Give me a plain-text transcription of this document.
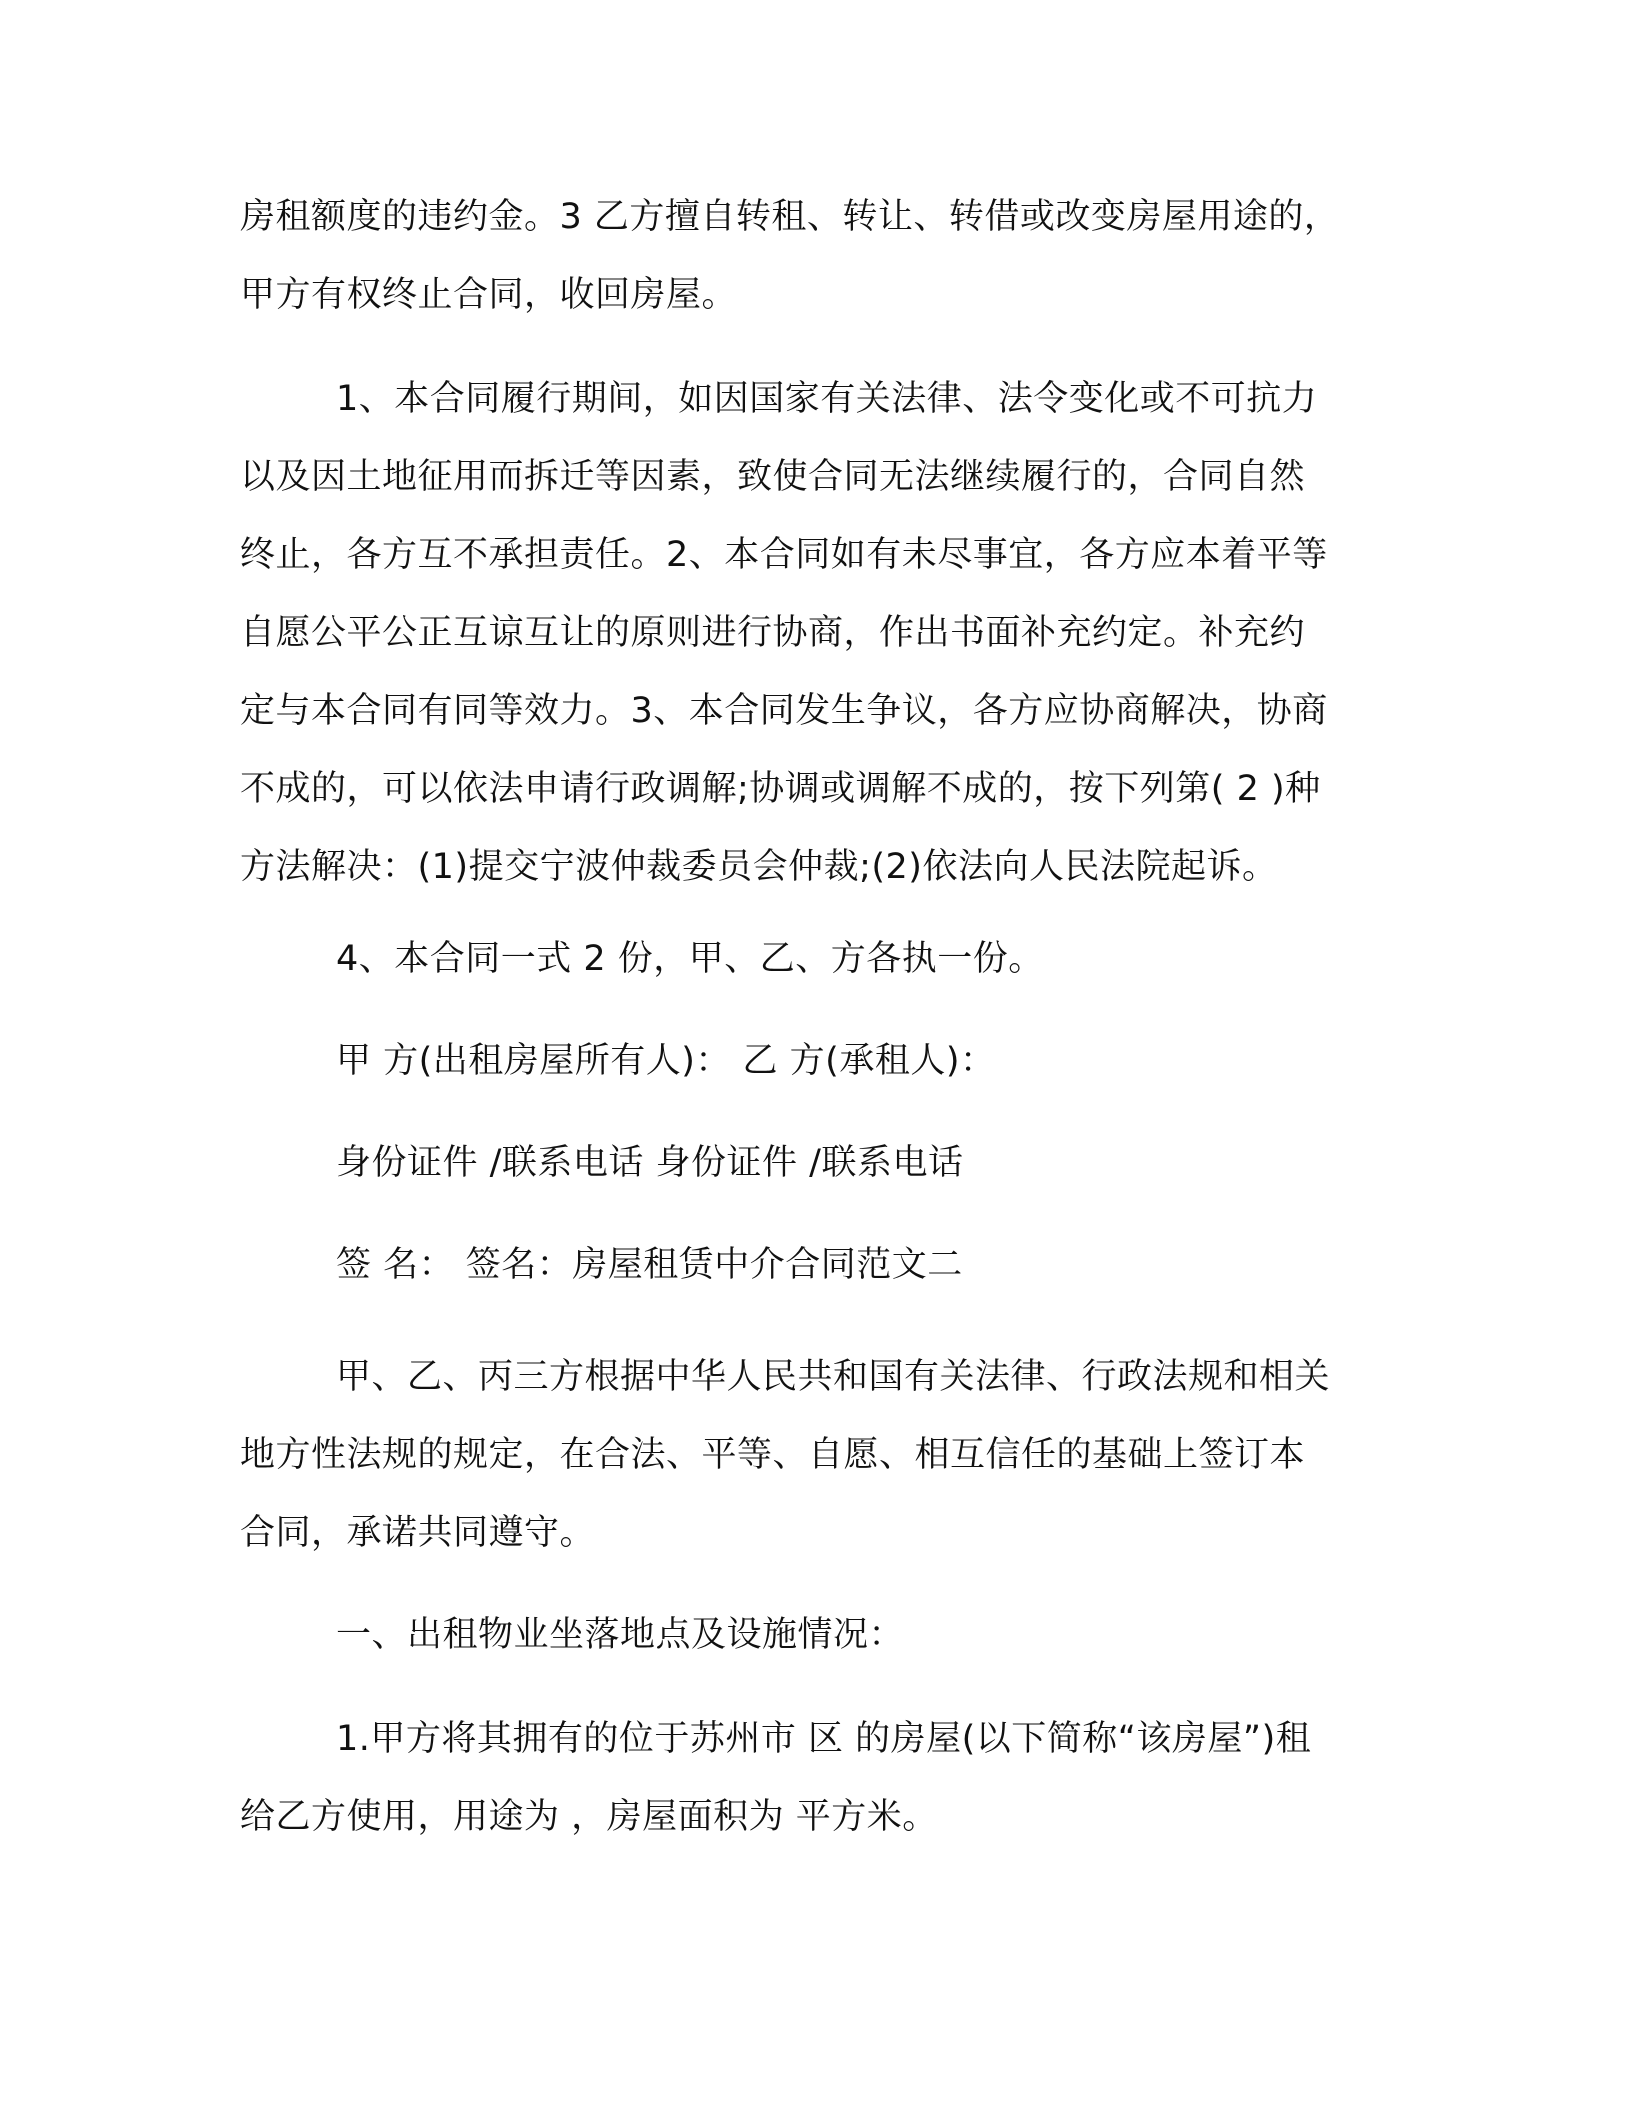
房租额度的违约金。3 乙方擅自转租、转让、转借或改变房屋用途的，
甲方有权终止合同，收回房屋。
1、本合同履行期间，如因国家有关法律、法令变化或不可抗力
以及因土地征用而拆迁等因素，致使合同无法继续履行的，合同自然
终止，各方互不承担责任。2、本合同如有未尽事宜，各方应本着平等
自愿公平公正互谅互让的原则进行协商，作出书面补充约定。补充约
定与本合同有同等效力。3、本合同发生争议，各方应协商解决，协商
不成的，可以依法申请行政调解;协调或调解不成的，按下列第( 2 )种
方法解决：(1)提交宁波仲裁委员会仲裁;(2)依法向人民法院起诉。
4、本合同一式 2 份，甲、乙、方各执一份。
甲 方(出租房屋所有人)： 乙 方(承租人)：
身份证件 /联系电话 身份证件 /联系电话
签 名： 签名：房屋租赁中介合同范文二
甲、乙、丙三方根据中华人民共和国有关法律、行政法规和相关
地方性法规的规定，在合法、平等、自愿、相互信任的基础上签订本
合同，承诺共同遵守。
一、出租物业坐落地点及设施情况：
1.甲方将其拥有的位于苏州市 区 的房屋(以下简称“该房屋”)租
给乙方使用，用途为 ，房屋面积为 平方米。
